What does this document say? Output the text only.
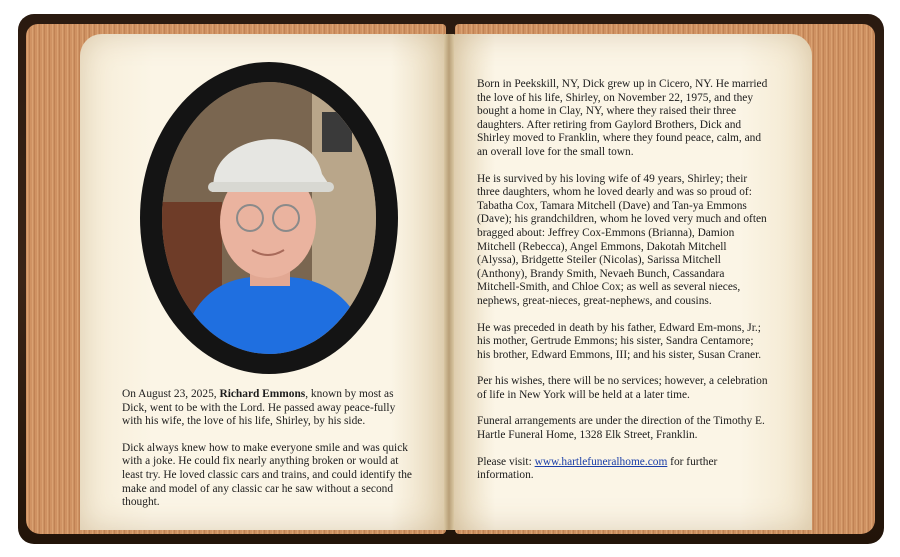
On August 23, 2025, Richard Emmons, known by most as Dick, went to be with the Lord. He passed away peace-fully with his wife, the love of his life, Shirley, by his side.

Dick always knew how to make everyone smile and was quick with a joke. He could fix nearly anything broken or would at least try. He loved classic cars and trains, and could identify the make and model of any classic car he saw without a second thought.

Born in Peekskill, NY, Dick grew up in Cicero, NY. He married the love of his life, Shirley, on November 22, 1975, and they bought a home in Clay, NY, where they raised their three daughters. After retiring from Gaylord Brothers, Dick and Shirley moved to Franklin, where they found peace, calm, and an overall love for the small town.

He is survived by his loving wife of 49 years, Shirley; their three daughters, whom he loved dearly and was so proud of: Tabatha Cox, Tamara Mitchell (Dave) and Tan-ya Emmons (Dave); his grandchildren, whom he loved very much and often bragged about: Jeffrey Cox-Emmons (Brianna), Damion Mitchell (Rebecca), Angel Emmons, Dakotah Mitchell (Alyssa), Bridgette Steiler (Nicolas), Sarissa Mitchell (Anthony), Brandy Smith, Nevaeh Bunch, Cassandara Mitchell-Smith, and Chloe Cox; as well as several nieces, nephews, great-nieces, great-nephews, and cousins.

He was preceded in death by his father, Edward Em-mons, Jr.; his mother, Gertrude Emmons; his sister, Sandra Centamore; his brother, Edward Emmons, III; and his sister, Susan Craner.

Per his wishes, there will be no services; however, a celebration of life in New York will be held at a later time.

Funeral arrangements are under the direction of the Timothy E. Hartle Funeral Home, 1328 Elk Street, Franklin.

Please visit: www.hartlefuneralhome.com for further information.
